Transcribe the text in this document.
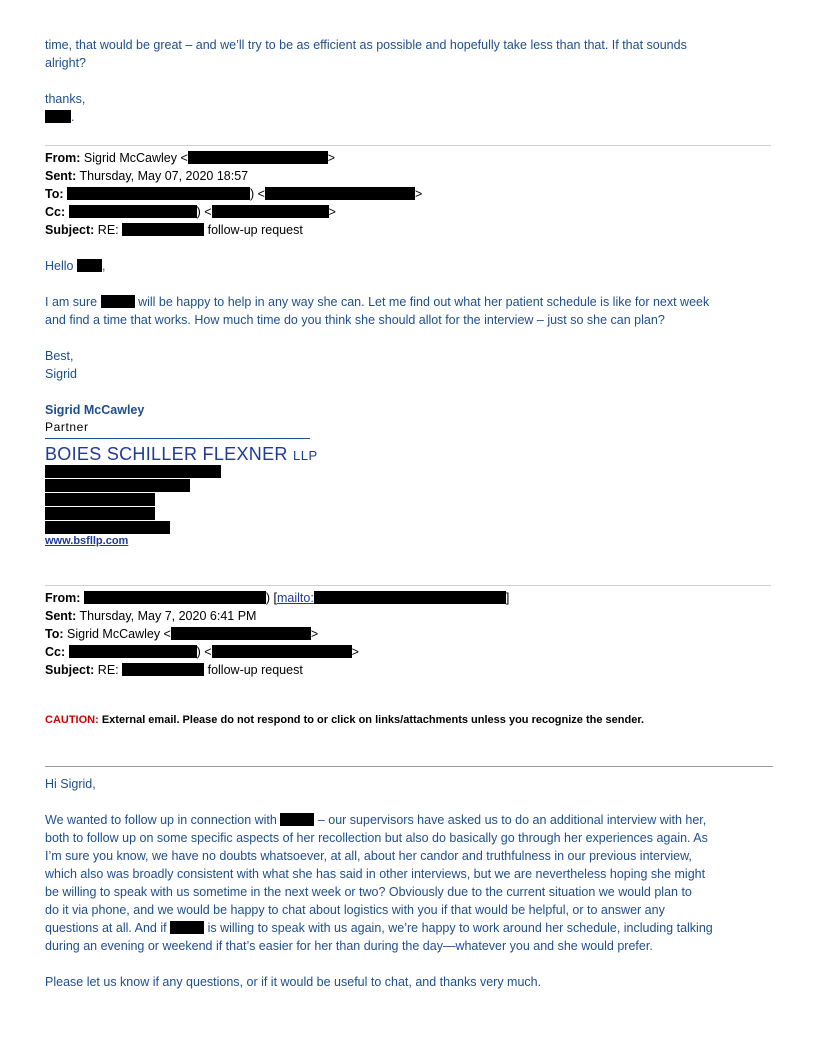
time, that would be great – and we’ll try to be as efficient as possible and hopefully take less than that. If that sounds
alright?
thanks,
.
From: Sigrid McCawley <	>
Sent: Thursday, May 07, 2020 18:57
To:	) <	>
Cc:	) <	>
Subject: RE:	follow-up request
Hello ,
I am sure	will be happy to help in any way she can. Let me find out what her patient schedule is like for next week
and find a time that works. How much time do you think she should allot for the interview – just so she can plan?
Best,
Sigrid
Sigrid McCawley
Partner
BOIES SCHILLER FLEXNER LLP
www.bsfllp.com
From:	) [mailto:	]
Sent: Thursday, May 7, 2020 6:41 PM
To: Sigrid McCawley <	>
Cc:	) <	>
Subject: RE:	follow-up request
CAUTION: External email. Please do not respond to or click on links/attachments unless you recognize the sender.
Hi Sigrid,
We wanted to follow up in connection with	– our supervisors have asked us to do an additional interview with her,
both to follow up on some specific aspects of her recollection but also do basically go through her experiences again. As
I’m sure you know, we have no doubts whatsoever, at all, about her candor and truthfulness in our previous interview,
which also was broadly consistent with what she has said in other interviews, but we are nevertheless hoping she might
be willing to speak with us sometime in the next week or two? Obviously due to the current situation we would plan to
do it via phone, and we would be happy to chat about logistics with you if that would be helpful, or to answer any
questions at all. And if	is willing to speak with us again, we’re happy to work around her schedule, including talking
during an evening or weekend if that’s easier for her than during the day—whatever you and she would prefer.
Please let us know if any questions, or if it would be useful to chat, and thanks very much.
